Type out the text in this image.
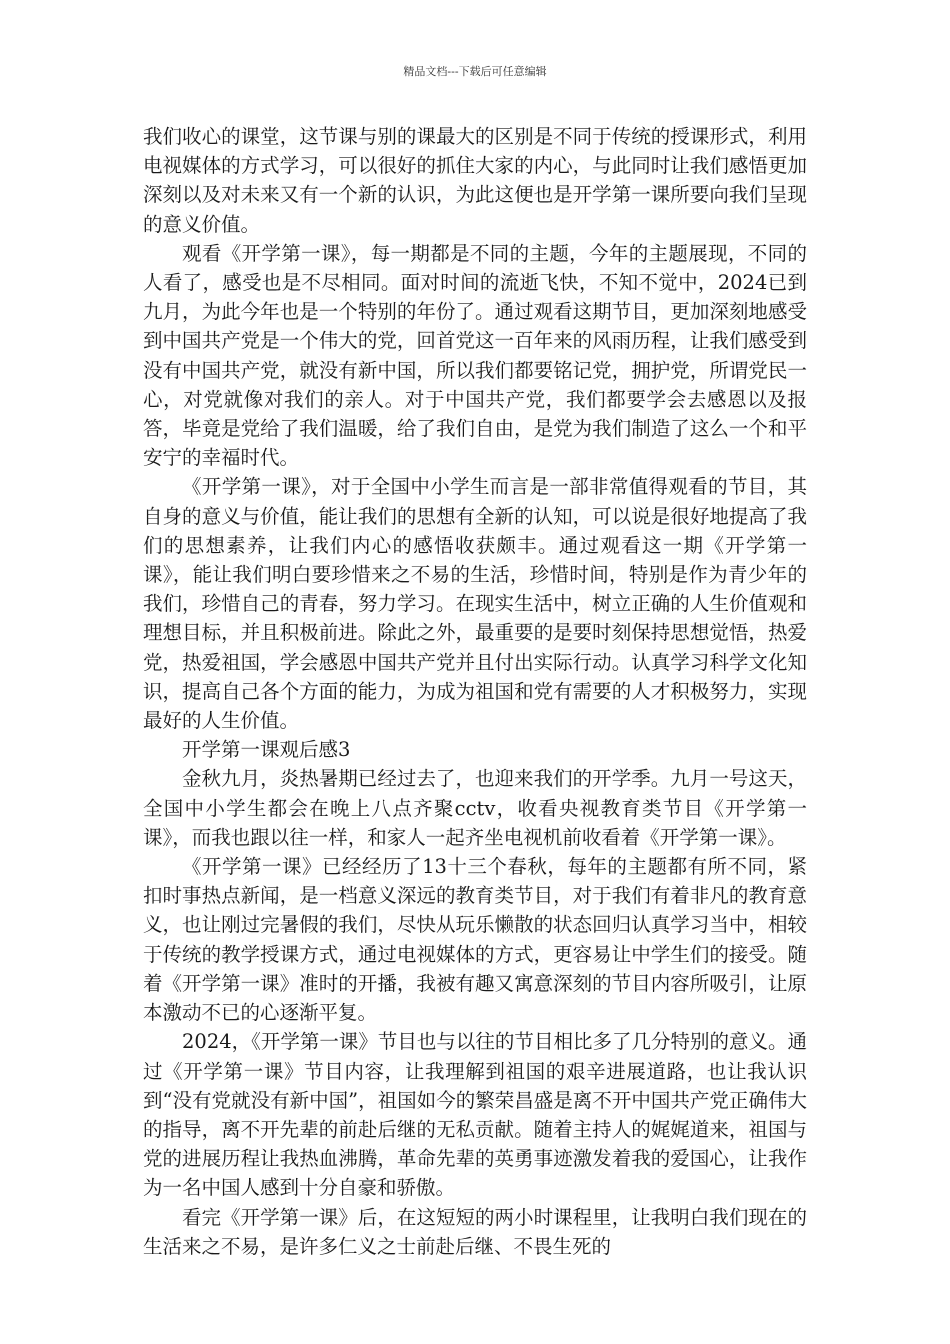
精品文档---下载后可任意编辑

我们收心的课堂，这节课与别的课最大的区别是不同于传统的授课形式，利用电视媒体的方式学习，可以很好的抓住大家的内心，与此同时让我们感悟更加深刻以及对未来又有一个新的认识，为此这便也是开学第一课所要向我们呈现的意义价值。

观看《开学第一课》，每一期都是不同的主题，今年的主题展现，不同的人看了，感受也是不尽相同。面对时间的流逝飞快，不知不觉中，2024已到九月，为此今年也是一个特别的年份了。通过观看这期节目，更加深刻地感受到中国共产党是一个伟大的党，回首党这一百年来的风雨历程，让我们感受到没有中国共产党，就没有新中国，所以我们都要铭记党，拥护党，所谓党民一心，对党就像对我们的亲人。对于中国共产党，我们都要学会去感恩以及报答，毕竟是党给了我们温暖，给了我们自由，是党为我们制造了这么一个和平安宁的幸福时代。

《开学第一课》，对于全国中小学生而言是一部非常值得观看的节目，其自身的意义与价值，能让我们的思想有全新的认知，可以说是很好地提高了我们的思想素养，让我们内心的感悟收获颇丰。通过观看这一期《开学第一课》，能让我们明白要珍惜来之不易的生活，珍惜时间，特别是作为青少年的我们，珍惜自己的青春，努力学习。在现实生活中，树立正确的人生价值观和理想目标，并且积极前进。除此之外，最重要的是要时刻保持思想觉悟，热爱党，热爱祖国，学会感恩中国共产党并且付出实际行动。认真学习科学文化知识，提高自己各个方面的能力，为成为祖国和党有需要的人才积极努力，实现最好的人生价值。

开学第一课观后感3

金秋九月，炎热暑期已经过去了，也迎来我们的开学季。九月一号这天，全国中小学生都会在晚上八点齐聚cctv，收看央视教育类节目《开学第一课》，而我也跟以往一样，和家人一起齐坐电视机前收看着《开学第一课》。

《开学第一课》已经经历了13十三个春秋，每年的主题都有所不同，紧扣时事热点新闻，是一档意义深远的教育类节目，对于我们有着非凡的教育意义，也让刚过完暑假的我们，尽快从玩乐懒散的状态回归认真学习当中，相较于传统的教学授课方式，通过电视媒体的方式，更容易让中学生们的接受。随着《开学第一课》准时的开播，我被有趣又寓意深刻的节目内容所吸引，让原本激动不已的心逐渐平复。

2024，《开学第一课》节目也与以往的节目相比多了几分特别的意义。通过《开学第一课》节目内容，让我理解到祖国的艰辛进展道路，也让我认识到“没有党就没有新中国”，祖国如今的繁荣昌盛是离不开中国共产党正确伟大的指导，离不开先辈的前赴后继的无私贡献。随着主持人的娓娓道来，祖国与党的进展历程让我热血沸腾，革命先辈的英勇事迹激发着我的爱国心，让我作为一名中国人感到十分自豪和骄傲。

看完《开学第一课》后，在这短短的两小时课程里，让我明白我们现在的生活来之不易，是许多仁义之士前赴后继、不畏生死的
